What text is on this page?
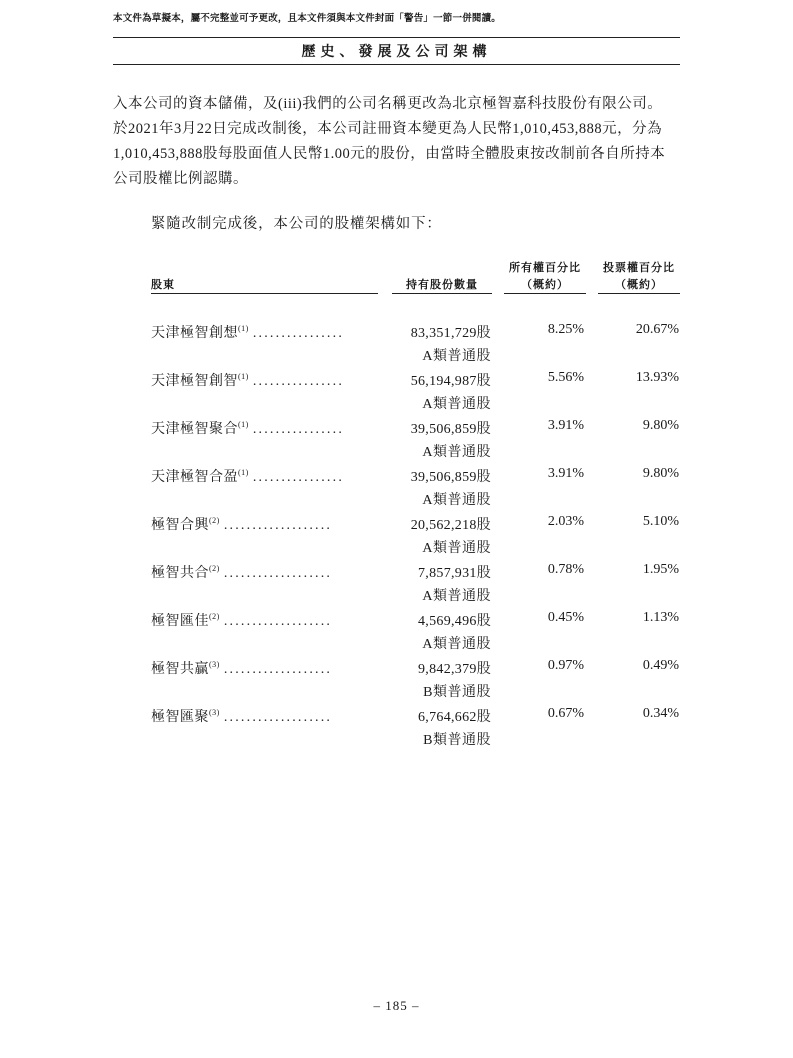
本文件為草擬本，屬不完整並可予更改，且本文件須與本文件封面「警告」一節一併閱讀。
歷史、發展及公司架構
入本公司的資本儲備，及(iii)我們的公司名稱更改為北京極智嘉科技股份有限公司。
於2021年3月22日完成改制後，本公司註冊資本變更為人民幣1,010,453,888元，分為
1,010,453,888股每股面值人民幣1.00元的股份，由當時全體股東按改制前各自所持本
公司股權比例認購。
緊隨改制完成後，本公司的股權架構如下：
股東	持有股份數量
所有權百分比
（概約）
投票權百分比
（概約）
天津極智創想$^{(1)}$ ................	83,351,729股
A類普通股
8.25%	20.67%
天津極智創智$^{(1)}$ ................	56,194,987股
A類普通股
5.56%	13.93%
天津極智聚合$^{(1)}$ ................	39,506,859股
A類普通股
3.91%	9.80%
天津極智合盈$^{(1)}$ ................	39,506,859股
A類普通股
3.91%	9.80%
極智合興$^{(2)}$ ...................	20,562,218股
A類普通股
2.03%	5.10%
極智共合$^{(2)}$ ...................	7,857,931股
A類普通股
0.78%	1.95%
極智匯佳$^{(2)}$ ...................	4,569,496股
A類普通股
0.45%	1.13%
極智共贏$^{(3)}$ ...................	9,842,379股
B類普通股
0.97%	0.49%
極智匯聚$^{(3)}$ ...................	6,764,662股
B類普通股
0.67%	0.34%
– 185 –
